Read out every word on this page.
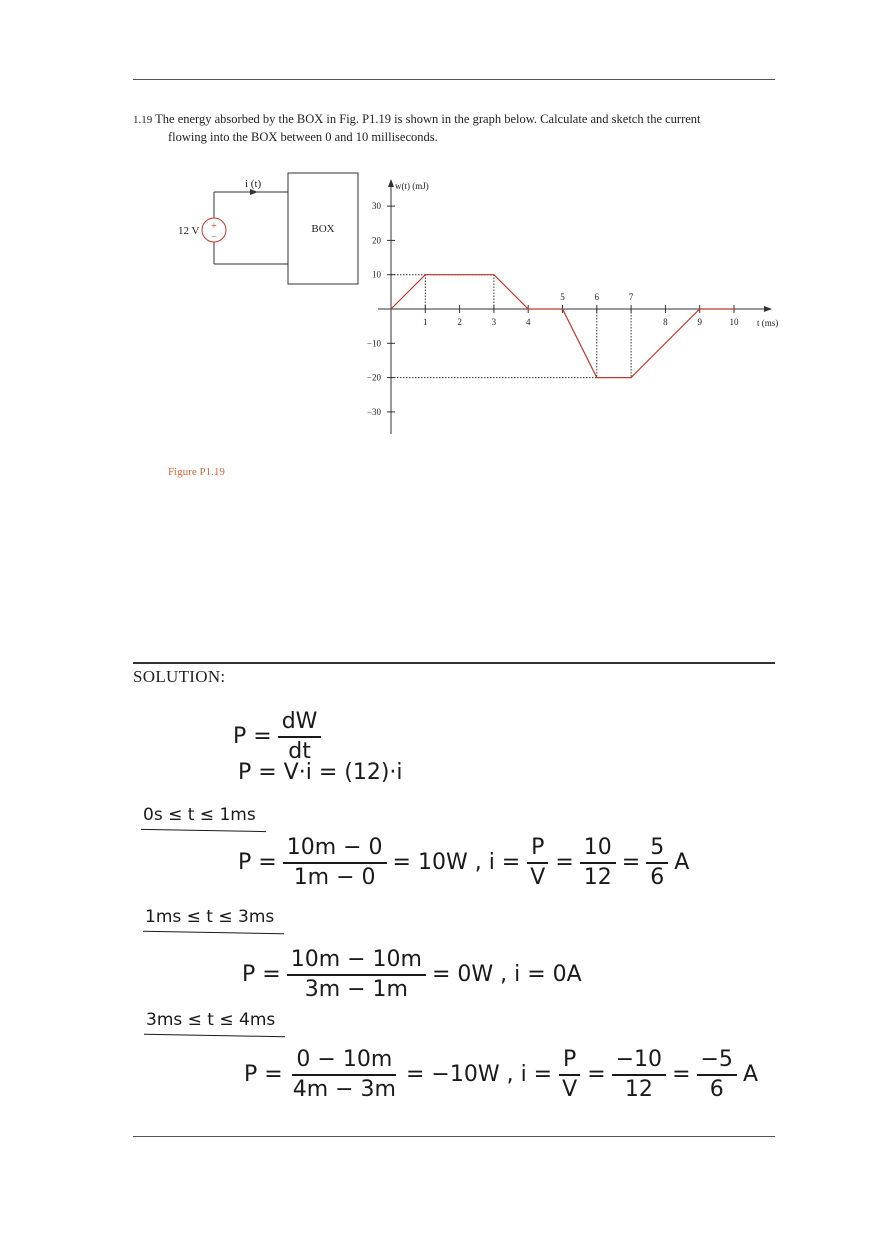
1.19 The energy absorbed by the BOX in Fig. P1.19 is shown in the graph below. Calculate and sketch the current
flowing into the BOX between 0 and 10 milliseconds.
+
−
i (t)
12 V	BOX
w(t) (mJ)
t (ms)
1	2	3	4	8	9	10
5	6	7
30
20
10
−10
−20
−30
Figure P1.19
SOLUTION:
$P = \frac{dW}{dt}$
P = V·i = (12)·i
0s ≤ t ≤ 1ms
$P = \frac{10m - 0}{1m - 0} = 10W$ , $i = \frac{P}{V} = \frac{10}{12} = \frac{5}{6}$ A
1ms ≤ t ≤ 3ms
$P = \frac{10m - 10m}{3m - 1m} = 0W$ , i = 0A
3ms ≤ t ≤ 4ms
$P = \frac{0 - 10m}{4m - 3m} = -10W$ , $i = \frac{P}{V} = \frac{-10}{12} = \frac{-5}{6}$ A
